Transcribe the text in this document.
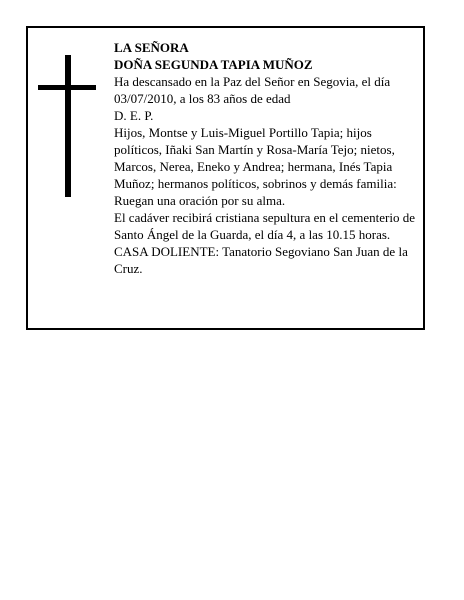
LA SEÑORA

DOÑA SEGUNDA TAPIA MUÑOZ

Ha descansado en la Paz del Señor en Segovia, el día 03/07/2010, a los 83 años de edad

D. E. P.

Hijos, Montse y Luis-Miguel Portillo Tapia; hijos políticos, Iñaki San Martín y Rosa-María Tejo; nietos, Marcos, Nerea, Eneko y Andrea; hermana, Inés Tapia Muñoz; hermanos políticos, sobrinos y demás familia:

Ruegan una oración por su alma.

El cadáver recibirá cristiana sepultura en el cementerio de Santo Ángel de la Guarda, el día 4, a las 10.15 horas.

CASA DOLIENTE: Tanatorio Segoviano San Juan de la Cruz.
